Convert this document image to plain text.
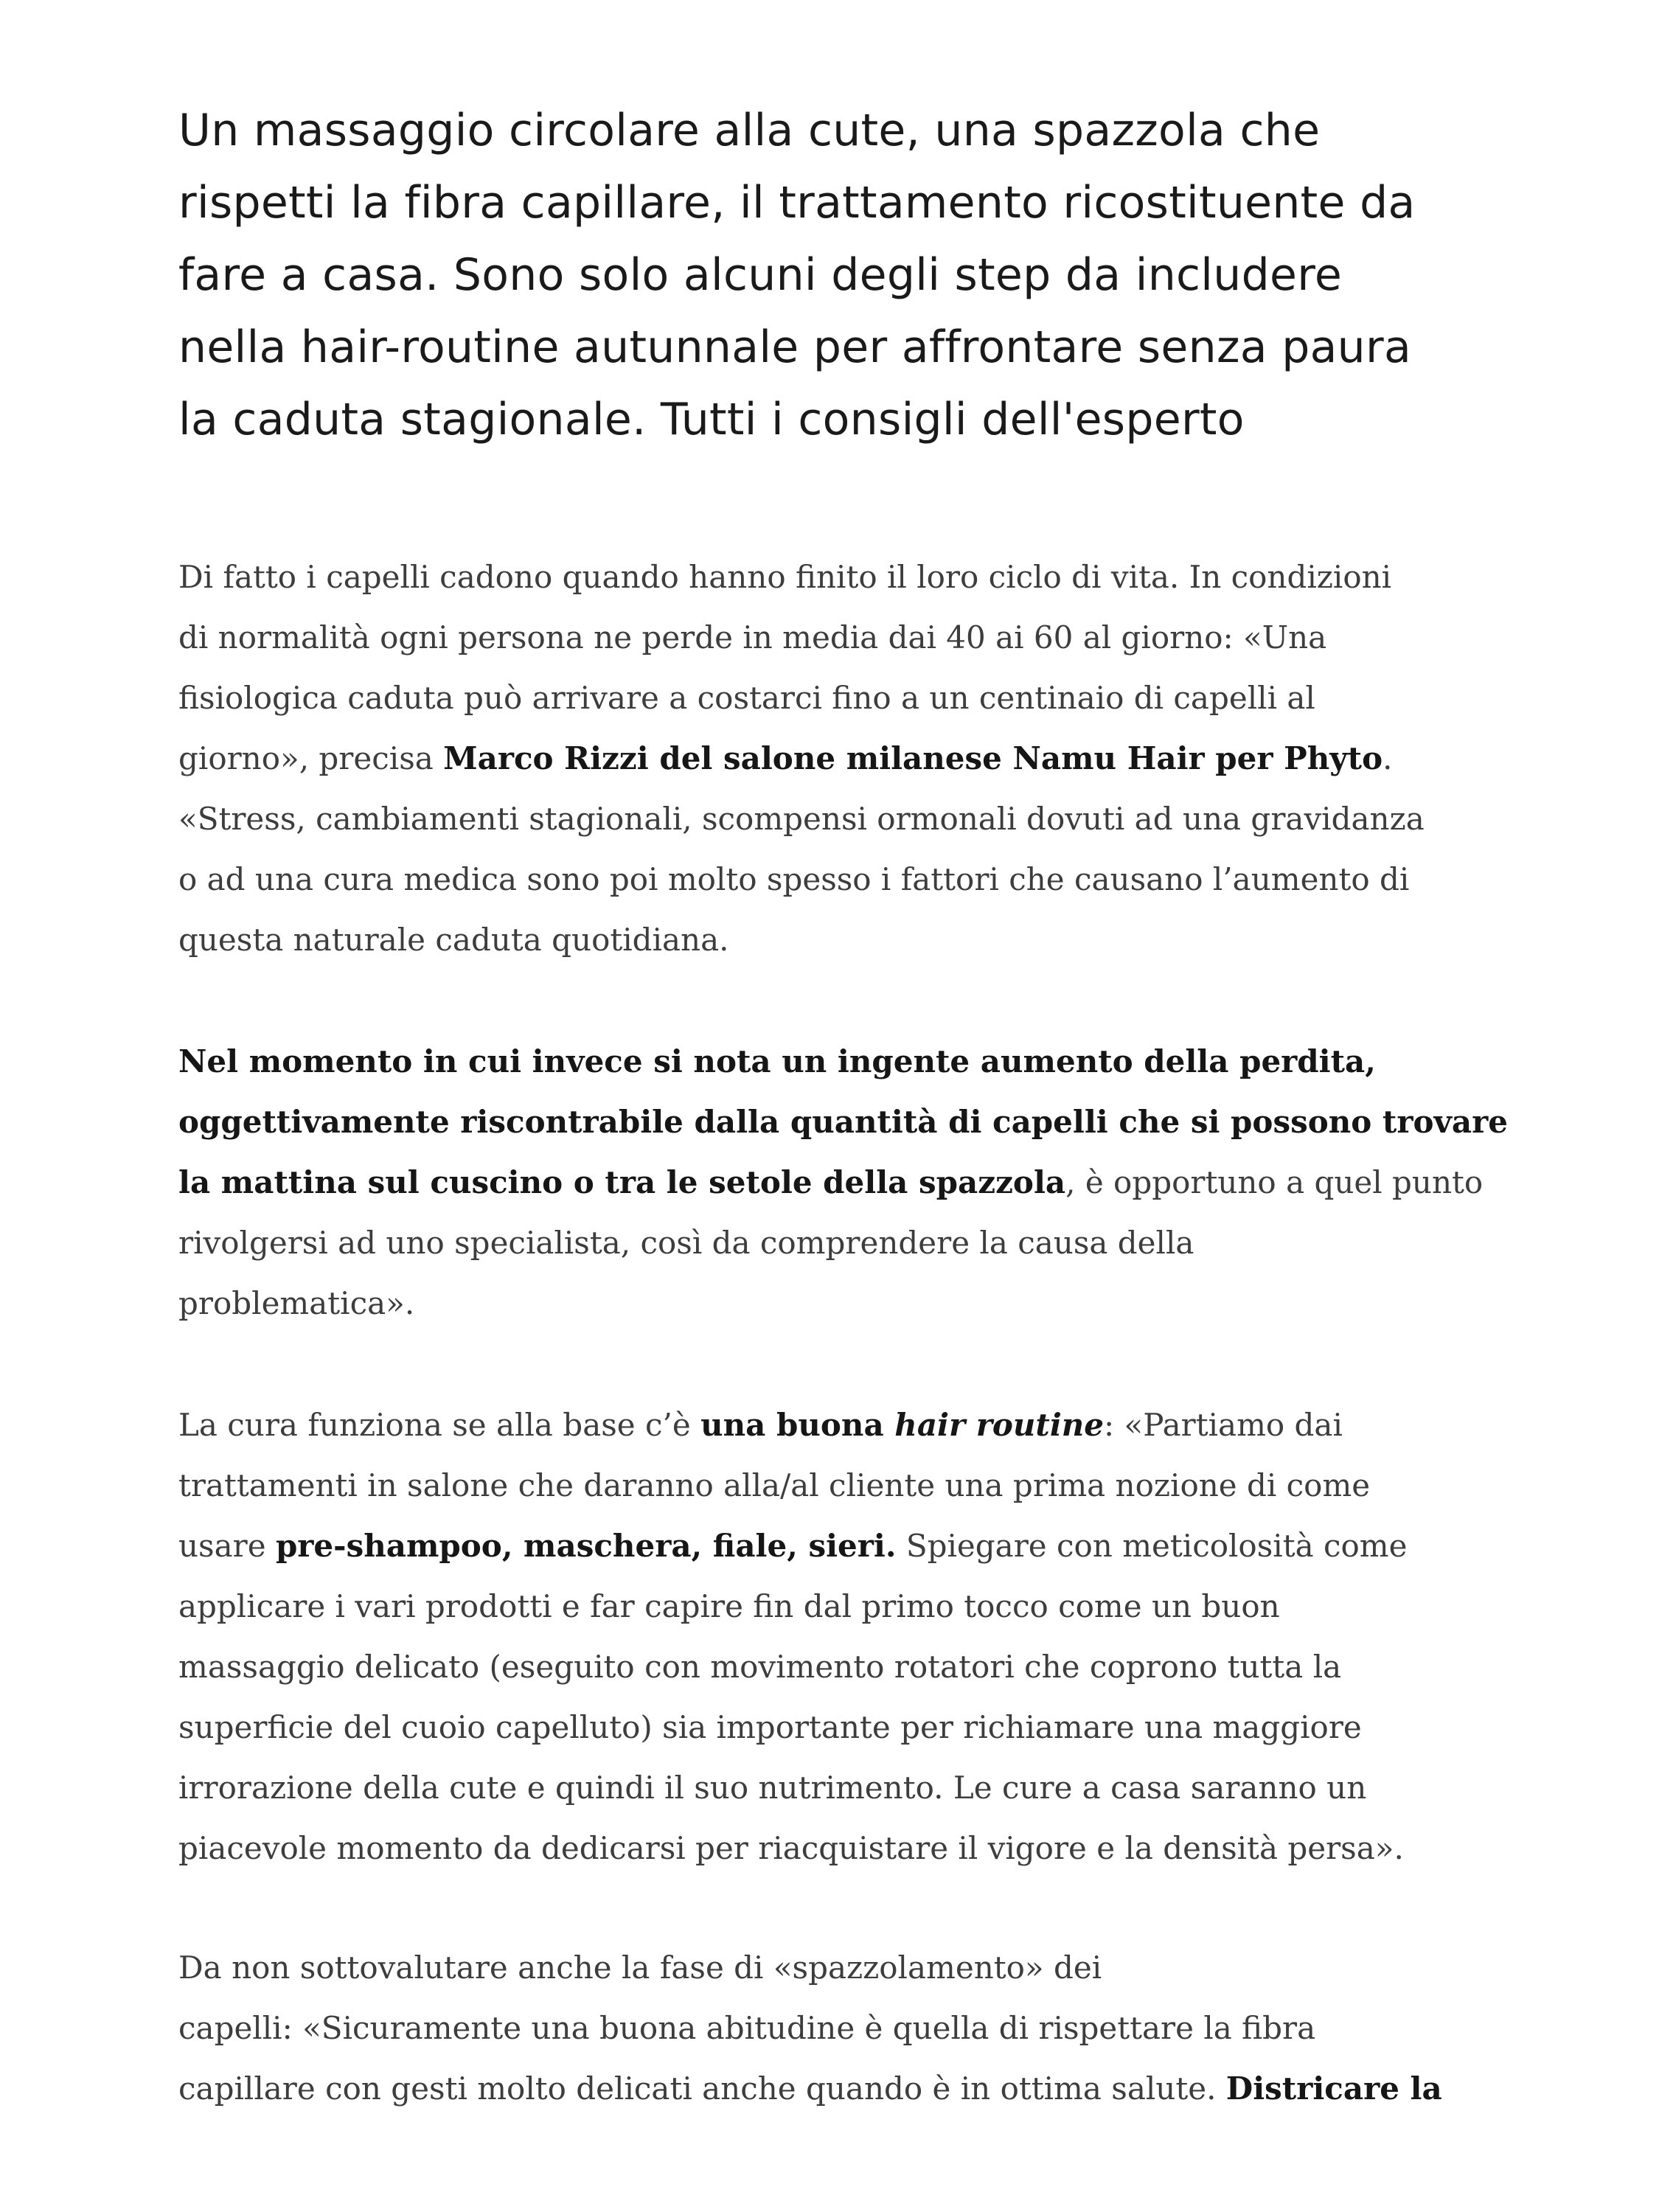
Un massaggio circolare alla cute, una spazzola che
rispetti la fibra capillare, il trattamento ricostituente da
fare a casa. Sono solo alcuni degli step da includere
nella hair-routine autunnale per affrontare senza paura
la caduta stagionale. Tutti i consigli dell'esperto
Di fatto i capelli cadono quando hanno finito il loro ciclo di vita. In condizioni
di normalità ogni persona ne perde in media dai 40 ai 60 al giorno: «Una
fisiologica caduta può arrivare a costarci fino a un centinaio di capelli al
giorno», precisa Marco Rizzi del salone milanese Namu Hair per Phyto.
«Stress, cambiamenti stagionali, scompensi ormonali dovuti ad una gravidanza
o ad una cura medica sono poi molto spesso i fattori che causano l’aumento di
questa naturale caduta quotidiana.
Nel momento in cui invece si nota un ingente aumento della perdita,
oggettivamente riscontrabile dalla quantità di capelli che si possono trovare
la mattina sul cuscino o tra le setole della spazzola, è opportuno a quel punto
rivolgersi ad uno specialista, così da comprendere la causa della
problematica».
La cura funziona se alla base c’è una buona hair routine: «Partiamo dai
trattamenti in salone che daranno alla/al cliente una prima nozione di come
usare pre-shampoo, maschera, fiale, sieri. Spiegare con meticolosità come
applicare i vari prodotti e far capire fin dal primo tocco come un buon
massaggio delicato (eseguito con movimento rotatori che coprono tutta la
superficie del cuoio capelluto) sia importante per richiamare una maggiore
irrorazione della cute e quindi il suo nutrimento. Le cure a casa saranno un
piacevole momento da dedicarsi per riacquistare il vigore e la densità persa».
Da non sottovalutare anche la fase di «spazzolamento» dei
capelli: «Sicuramente una buona abitudine è quella di rispettare la fibra
capillare con gesti molto delicati anche quando è in ottima salute. Districare la
